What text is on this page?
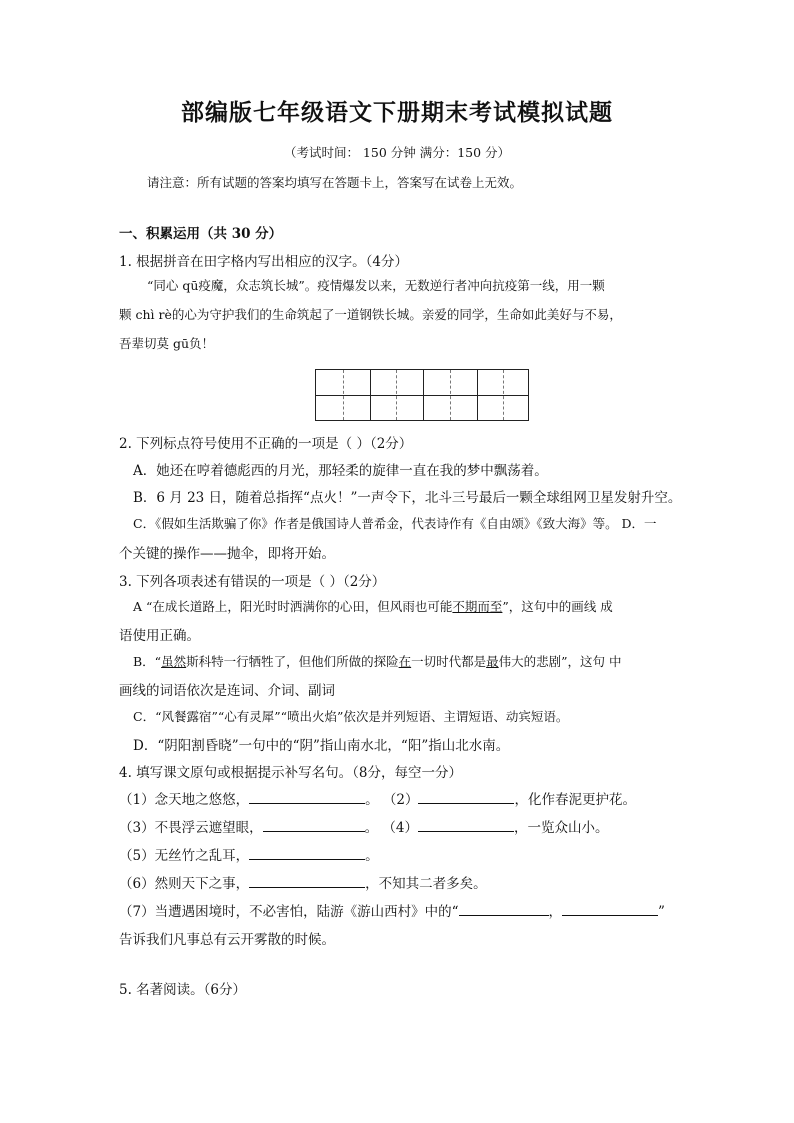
部编版七年级语文下册期末考试模拟试题
（考试时间： 150 分钟 满分：150 分）
请注意：所有试题的答案均填写在答题卡上，答案写在试卷上无效。
一、积累运用（共 30 分）
1. 根据拼音在田字格内写出相应的汉字。（4分）
“同心 qū疫魔，众志筑长城”。疫情爆发以来，无数逆行者冲向抗疫第一线，用一颗
颗 chì rè的心为守护我们的生命筑起了一道钢铁长城。亲爱的同学，生命如此美好与不易，
吾辈切莫 gū负！
2. 下列标点符号使用不正确的一项是（ ）（2分）
A．她还在哼着德彪西的月光，那轻柔的旋律一直在我的梦中飘荡着。
B．6 月 23 日，随着总指挥“点火！”一声令下，北斗三号最后一颗全球组网卫星发射升空。
C．《假如生活欺骗了你》作者是俄国诗人普希金，代表诗作有《自由颂》《致大海》等。 D．一
个关键的操作——抛伞，即将开始。
3. 下列各项表述有错误的一项是（ ）（2分）
A “在成长道路上，阳光时时洒满你的心田，但风雨也可能不期而至”，这句中的画线 成
语使用正确。
B．“虽然斯科特一行牺牲了，但他们所做的探险在一切时代都是最伟大的悲剧”，这句 中
画线的词语依次是连词、介词、副词
C．“风餐露宿”“心有灵犀”“喷出火焰”依次是并列短语、主谓短语、动宾短语。
D．“阴阳割昏晓”一句中的“阴”指山南水北，“阳”指山北水南。
4. 填写课文原句或根据提示补写名句。（8分，每空一分）
（1）念天地之悠悠，	。 （2）	，化作春泥更护花。
（3）不畏浮云遮望眼，	。 （4）	，一览众山小。
（5）无丝竹之乱耳，	。
（6）然则天下之事，	，不知其二者多矣。
（7）当遭遇困境时，不必害怕，陆游《游山西村》中的“	，	”
告诉我们凡事总有云开雾散的时候。
5. 名著阅读。（6分）
